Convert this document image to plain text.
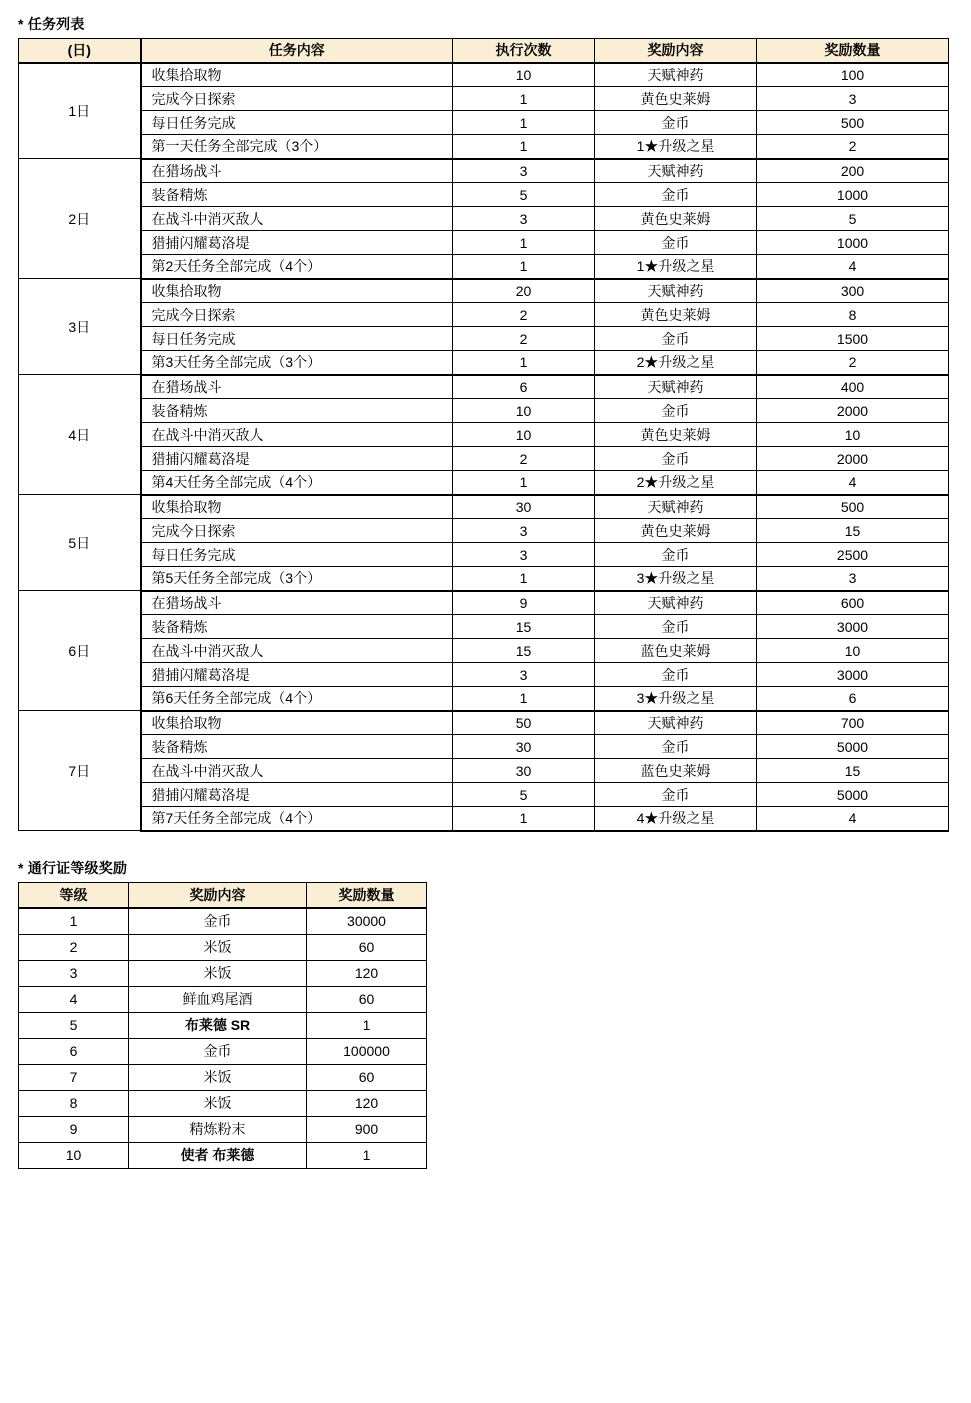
* 任务列表
(日)	任务内容	执行次数	奖励内容	奖励数量
1日	收集拾取物	10	天赋神药	100
	完成今日探索	1	黄色史莱姆	3
	每日任务完成	1	金币	500
	第一天任务全部完成（3个）	1	1★升级之星	2
2日	在猎场战斗	3	天赋神药	200
	装备精炼	5	金币	1000
	在战斗中消灭敌人	3	黄色史莱姆	5
	猎捕闪耀葛洛堤	1	金币	1000
	第2天任务全部完成（4个）	1	1★升级之星	4
3日	收集拾取物	20	天赋神药	300
	完成今日探索	2	黄色史莱姆	8
	每日任务完成	2	金币	1500
	第3天任务全部完成（3个）	1	2★升级之星	2
4日	在猎场战斗	6	天赋神药	400
	装备精炼	10	金币	2000
	在战斗中消灭敌人	10	黄色史莱姆	10
	猎捕闪耀葛洛堤	2	金币	2000
	第4天任务全部完成（4个）	1	2★升级之星	4
5日	收集拾取物	30	天赋神药	500
	完成今日探索	3	黄色史莱姆	15
	每日任务完成	3	金币	2500
	第5天任务全部完成（3个）	1	3★升级之星	3
6日	在猎场战斗	9	天赋神药	600
	装备精炼	15	金币	3000
	在战斗中消灭敌人	15	蓝色史莱姆	10
	猎捕闪耀葛洛堤	3	金币	3000
	第6天任务全部完成（4个）	1	3★升级之星	6
7日	收集拾取物	50	天赋神药	700
	装备精炼	30	金币	5000
	在战斗中消灭敌人	30	蓝色史莱姆	15
	猎捕闪耀葛洛堤	5	金币	5000
	第7天任务全部完成（4个）	1	4★升级之星	4
* 通行证等级奖励
等级	奖励内容	奖励数量
1	金币	30000
2	米饭	60
3	米饭	120
4	鲜血鸡尾酒	60
5	布莱德 SR	1
6	金币	100000
7	米饭	60
8	米饭	120
9	精炼粉末	900
10	使者 布莱德	1
